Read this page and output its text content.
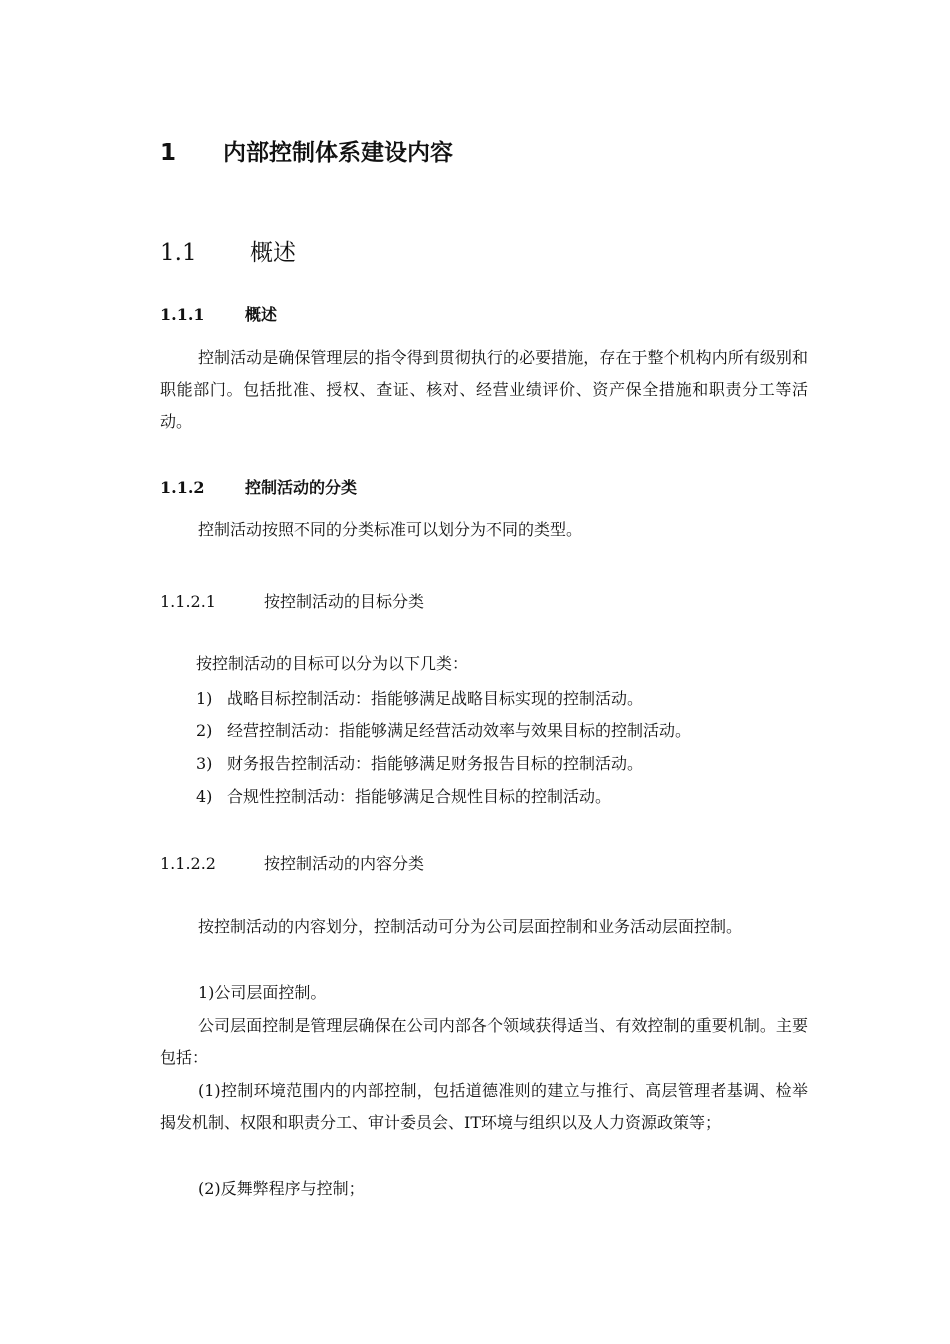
1 内部控制体系建设内容
1.1 概述
1.1.1	概述
控制活动是确保管理层的指令得到贯彻执行的必要措施，存在于整个机构内所有级别和职能部门。包括批准、授权、查证、核对、经营业绩评价、资产保全措施和职责分工等活动。
1.1.2	控制活动的分类
控制活动按照不同的分类标准可以划分为不同的类型。
1.1.2.1	按控制活动的目标分类
按控制活动的目标可以分为以下几类：
1) 战略目标控制活动：指能够满足战略目标实现的控制活动。
2) 经营控制活动：指能够满足经营活动效率与效果目标的控制活动。
3) 财务报告控制活动：指能够满足财务报告目标的控制活动。
4) 合规性控制活动：指能够满足合规性目标的控制活动。
1.1.2.2	按控制活动的内容分类
按控制活动的内容划分，控制活动可分为公司层面控制和业务活动层面控制。
1)公司层面控制。
公司层面控制是管理层确保在公司内部各个领域获得适当、有效控制的重要机制。主要包括：
(1)控制环境范围内的内部控制，包括道德准则的建立与推行、高层管理者基调、检举揭发机制、权限和职责分工、审计委员会、IT环境与组织以及人力资源政策等；
(2)反舞弊程序与控制；
